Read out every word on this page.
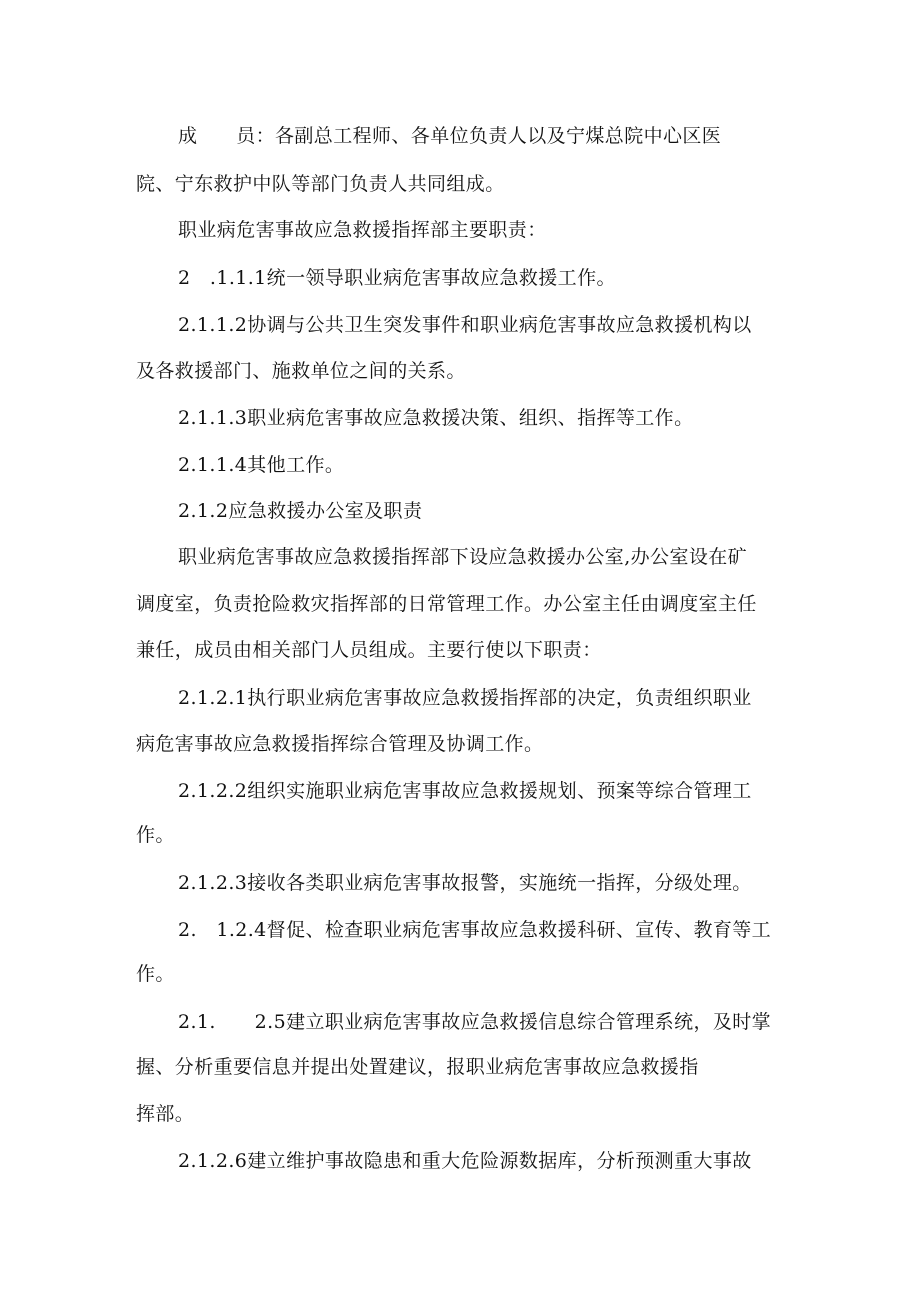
成　　员：各副总工程师、各单位负责人以及宁煤总院中心区医
院、宁东救护中队等部门负责人共同组成。
职业病危害事故应急救援指挥部主要职责：
2　.1.1.1统一领导职业病危害事故应急救援工作。
2.1.1.2协调与公共卫生突发事件和职业病危害事故应急救援机构以
及各救援部门、施救单位之间的关系。
2.1.1.3职业病危害事故应急救援决策、组织、指挥等工作。
2.1.1.4其他工作。
2.1.2应急救援办公室及职责
职业病危害事故应急救援指挥部下设应急救援办公室,办公室设在矿
调度室，负责抢险救灾指挥部的日常管理工作。办公室主任由调度室主任
兼任，成员由相关部门人员组成。主要行使以下职责：
2.1.2.1执行职业病危害事故应急救援指挥部的决定，负责组织职业
病危害事故应急救援指挥综合管理及协调工作。
2.1.2.2组织实施职业病危害事故应急救援规划、预案等综合管理工
作。
2.1.2.3接收各类职业病危害事故报警，实施统一指挥，分级处理。
2.　1.2.4督促、检查职业病危害事故应急救援科研、宣传、教育等工
作。
2.1.　　2.5建立职业病危害事故应急救援信息综合管理系统，及时掌
握、分析重要信息并提出处置建议，报职业病危害事故应急救援指
挥部。
2.1.2.6建立维护事故隐患和重大危险源数据库，分析预测重大事故
